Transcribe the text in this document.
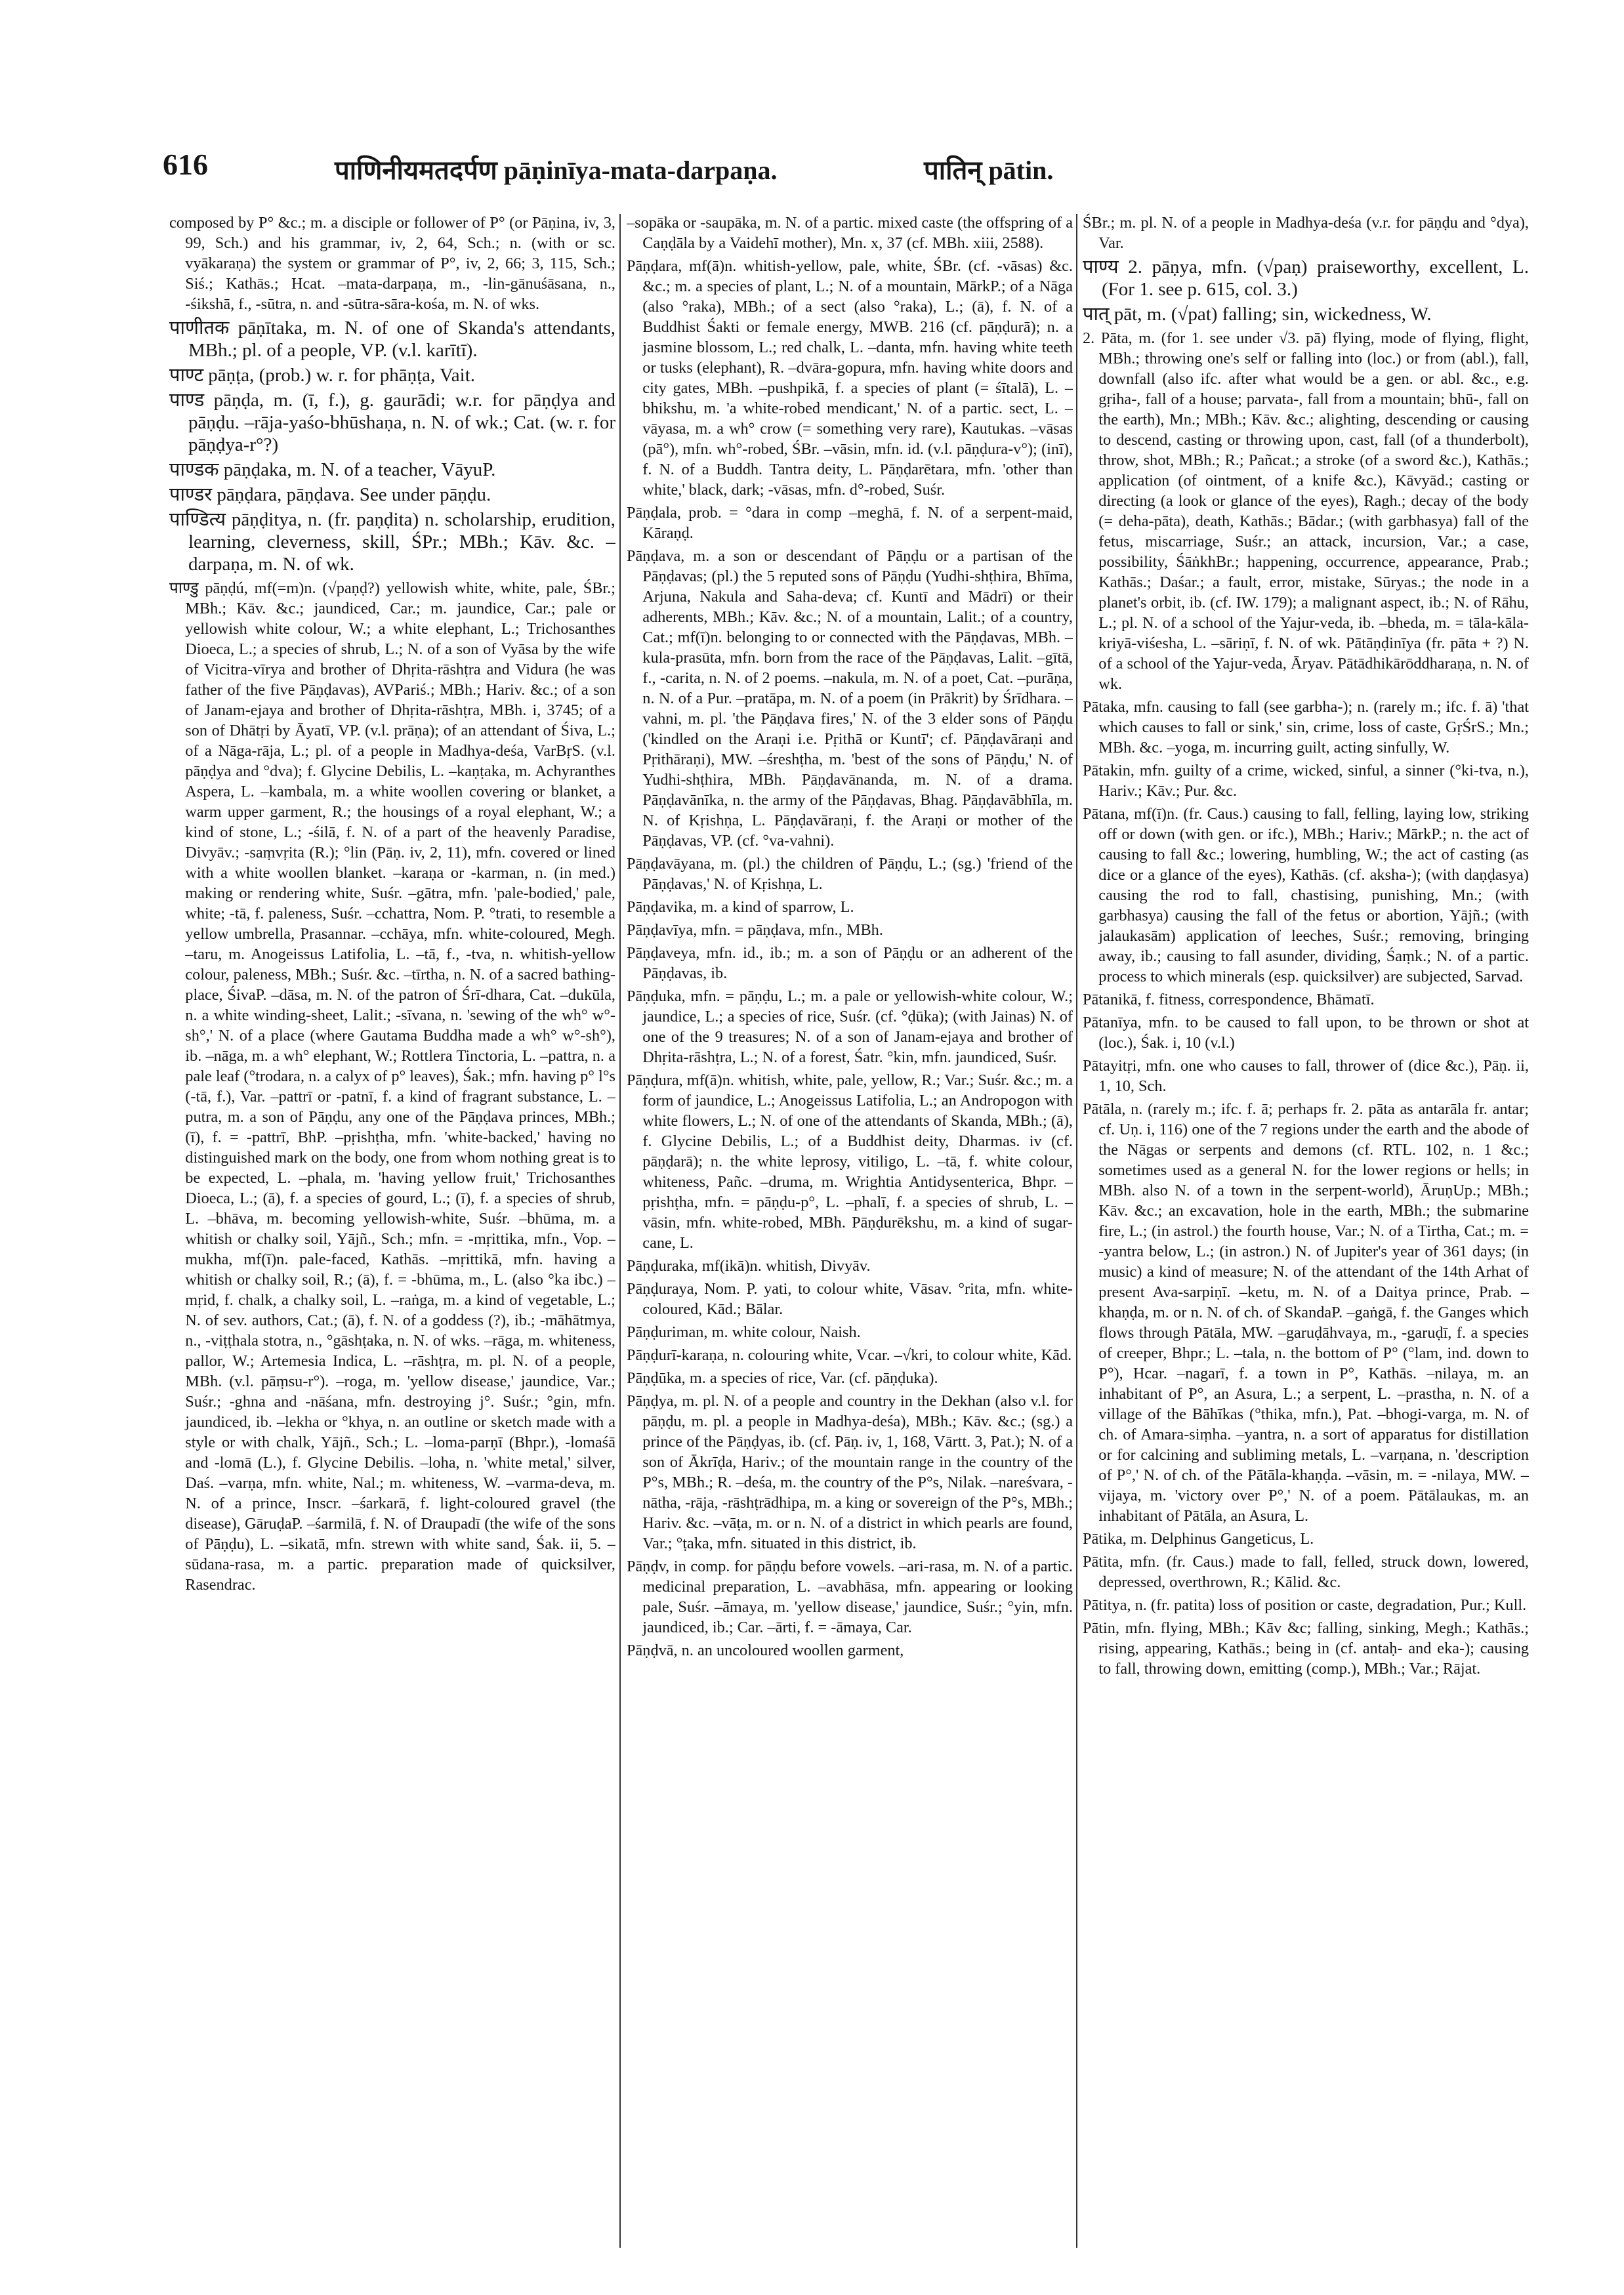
616	पाणिनीयमतदर्पण pāṇinīya-mata-darpaṇa.	पातिन् pātin.

composed by P° &c.; m. a disciple or follower of P° (or Pāṇina, iv, 3, 99, Sch.) and his grammar, iv, 2, 64, Sch.; n. (with or sc. vyākaraṇa) the system or grammar of P°, iv, 2, 66; 3, 115, Sch.; Siś.; Kathās.; Hcat. –mata-darpaṇa, m., -lin-gānuśāsana, n., -śikshā, f., -sūtra, n. and -sūtra-sāra-kośa, m. N. of wks.

पाणीतक pāṇītaka, m. N. of one of Skanda's attendants, MBh.; pl. of a people, VP. (v.l. karītī).

पाण्ट pāṇṭa, (prob.) w. r. for phāṇṭa, Vait.

पाण्ड pāṇḍa, m. (ī, f.), g. gaurādi; w.r. for pāṇḍya and pāṇḍu. –rāja-yaśo-bhūshaṇa, n. N. of wk.; Cat. (w. r. for pāṇḍya-r°?)

पाण्डक pāṇḍaka, m. N. of a teacher, VāyuP.

पाण्डर pāṇḍara, pāṇḍava. See under pāṇḍu.

पाण्डित्य pāṇḍitya, n. (fr. paṇḍita) n. scholarship, erudition, learning, cleverness, skill, ŚPr.; MBh.; Kāv. &c. –darpaṇa, m. N. of wk.

पाण्डु pāṇḍú, mf(=m)n. (√paṇḍ?) yellowish white, white, pale, ŚBr.; MBh.; Kāv. &c.; jaundiced, Car.; m. jaundice, Car.; pale or yellowish white colour, W.; a white elephant, L.; Trichosanthes Dioeca, L.; a species of shrub, L.; N. of a son of Vyāsa by the wife of Vicitra-vīrya and brother of Dhṛita-rāshṭra and Vidura (he was father of the five Pāṇḍavas), AVPariś.; MBh.; Hariv. &c.; of a son of Janam-ejaya and brother of Dhṛita-rāshṭra, MBh. i, 3745; of a son of Dhātṛi by Āyatī, VP. (v.l. prāṇa); of an attendant of Śiva, L.; of a Nāga-rāja, L.; pl. of a people in Madhya-deśa, VarBṛS. (v.l. pāṇḍya and °dva); f. Glycine Debilis, L. –kaṇṭaka, m. Achyranthes Aspera, L. –kambala, m. a white woollen covering or blanket, a warm upper garment, R.; the housings of a royal elephant, W.; a kind of stone, L.; -śilā, f. N. of a part of the heavenly Paradise, Divyāv.; -saṃvṛita (R.); °lin (Pāṇ. iv, 2, 11), mfn. covered or lined with a white woollen blanket. –karaṇa or -karman, n. (in med.) making or rendering white, Suśr. –gātra, mfn. 'pale-bodied,' pale, white; -tā, f. paleness, Suśr. –cchattra, Nom. P. °trati, to resemble a yellow umbrella, Prasannar. –cchāya, mfn. white-coloured, Megh. –taru, m. Anogeissus Latifolia, L. –tā, f., -tva, n. whitish-yellow colour, paleness, MBh.; Suśr. &c. –tīrtha, n. N. of a sacred bathing-place, ŚivaP. –dāsa, m. N. of the patron of Śrī-dhara, Cat. –dukūla, n. a white winding-sheet, Lalit.; -sīvana, n. 'sewing of the wh° w°-sh°,' N. of a place (where Gautama Buddha made a wh° w°-sh°), ib. –nāga, m. a wh° elephant, W.; Rottlera Tinctoria, L. –pattra, n. a pale leaf (°trodara, n. a calyx of p° leaves), Śak.; mfn. having p° l°s (-tā, f.), Var. –pattrī or -patnī, f. a kind of fragrant substance, L. –putra, m. a son of Pāṇḍu, any one of the Pāṇḍava princes, MBh.; (ī), f. = -pattrī, BhP. –pṛishṭha, mfn. 'white-backed,' having no distinguished mark on the body, one from whom nothing great is to be expected, L. –phala, m. 'having yellow fruit,' Trichosanthes Dioeca, L.; (ā), f. a species of gourd, L.; (ī), f. a species of shrub, L. –bhāva, m. becoming yellowish-white, Suśr. –bhūma, m. a whitish or chalky soil, Yājñ., Sch.; mfn. = -mṛittika, mfn., Vop. –mukha, mf(ī)n. pale-faced, Kathās. –mṛittikā, mfn. having a whitish or chalky soil, R.; (ā), f. = -bhūma, m., L. (also °ka ibc.) –mṛid, f. chalk, a chalky soil, L. –raṅga, m. a kind of vegetable, L.; N. of sev. authors, Cat.; (ā), f. N. of a goddess (?), ib.; -māhātmya, n., -viṭṭhala stotra, n., °gāshṭaka, n. N. of wks. –rāga, m. whiteness, pallor, W.; Artemesia Indica, L. –rāshṭra, m. pl. N. of a people, MBh. (v.l. pāṃsu-r°). –roga, m. 'yellow disease,' jaundice, Var.; Suśr.; -ghna and -nāśana, mfn. destroying j°. Suśr.; °gin, mfn. jaundiced, ib. –lekha or °khya, n. an outline or sketch made with a style or with chalk, Yājñ., Sch.; L. –loma-parṇī (Bhpr.), -lomaśā and -lomā (L.), f. Glycine Debilis. –loha, n. 'white metal,' silver, Daś. –varṇa, mfn. white, Nal.; m. whiteness, W. –varma-deva, m. N. of a prince, Inscr. –śarkarā, f. light-coloured gravel (the disease), GāruḍaP. –śarmilā, f. N. of Draupadī (the wife of the sons of Pāṇḍu), L. –sikatā, mfn. strewn with white sand, Śak. ii, 5. –sūdana-rasa, m. a partic. preparation made of quicksilver, Rasendrac.

–sopāka or -saupāka, m. N. of a partic. mixed caste (the offspring of a Caṇḍāla by a Vaidehī mother), Mn. x, 37 (cf. MBh. xiii, 2588).

Pāṇḍara, mf(ā)n. whitish-yellow, pale, white, ŚBr. (cf. -vāsas) &c. &c.; m. a species of plant, L.; N. of a mountain, MārkP.; of a Nāga (also °raka), MBh.; of a sect (also °raka), L.; (ā), f. N. of a Buddhist Śakti or female energy, MWB. 216 (cf. pāṇḍurā); n. a jasmine blossom, L.; red chalk, L. –danta, mfn. having white teeth or tusks (elephant), R. –dvāra-gopura, mfn. having white doors and city gates, MBh. –pushpikā, f. a species of plant (= śītalā), L. –bhikshu, m. 'a white-robed mendicant,' N. of a partic. sect, L. –vāyasa, m. a wh° crow (= something very rare), Kautukas. –vāsas (pā°), mfn. wh°-robed, ŚBr. –vāsin, mfn. id. (v.l. pāṇḍura-v°); (inī), f. N. of a Buddh. Tantra deity, L. Pāṇḍarētara, mfn. 'other than white,' black, dark; -vāsas, mfn. d°-robed, Suśr.

Pāṇḍala, prob. = °dara in comp –meghā, f. N. of a serpent-maid, Kāraṇḍ.

Pāṇḍava, m. a son or descendant of Pāṇḍu or a partisan of the Pāṇḍavas; (pl.) the 5 reputed sons of Pāṇḍu (Yudhi-shṭhira, Bhīma, Arjuna, Nakula and Saha-deva; cf. Kuntī and Mādrī) or their adherents, MBh.; Kāv. &c.; N. of a mountain, Lalit.; of a country, Cat.; mf(ī)n. belonging to or connected with the Pāṇḍavas, MBh. –kula-prasūta, mfn. born from the race of the Pāṇḍavas, Lalit. –gītā, f., -carita, n. N. of 2 poems. –nakula, m. N. of a poet, Cat. –purāṇa, n. N. of a Pur. –pratāpa, m. N. of a poem (in Prākrit) by Śrīdhara. –vahni, m. pl. 'the Pāṇḍava fires,' N. of the 3 elder sons of Pāṇḍu ('kindled on the Araṇi i.e. Pṛithā or Kuntī'; cf. Pāṇḍavāraṇi and Pṛithāraṇi), MW. –śreshṭha, m. 'best of the sons of Pāṇḍu,' N. of Yudhi-shṭhira, MBh. Pāṇḍavānanda, m. N. of a drama. Pāṇḍavānīka, n. the army of the Pāṇḍavas, Bhag. Pāṇḍavābhīla, m. N. of Kṛishṇa, L. Pāṇḍavāraṇi, f. the Araṇi or mother of the Pāṇḍavas, VP. (cf. °va-vahni).

Pāṇḍavāyana, m. (pl.) the children of Pāṇḍu, L.; (sg.) 'friend of the Pāṇḍavas,' N. of Kṛishṇa, L.

Pāṇḍavika, m. a kind of sparrow, L.

Pāṇḍavīya, mfn. = pāṇḍava, mfn., MBh.

Pāṇḍaveya, mfn. id., ib.; m. a son of Pāṇḍu or an adherent of the Pāṇḍavas, ib.

Pāṇḍuka, mfn. = pāṇḍu, L.; m. a pale or yellowish-white colour, W.; jaundice, L.; a species of rice, Suśr. (cf. °ḍūka); (with Jainas) N. of one of the 9 treasures; N. of a son of Janam-ejaya and brother of Dhṛita-rāshṭra, L.; N. of a forest, Śatr. °kin, mfn. jaundiced, Suśr.

Pāṇḍura, mf(ā)n. whitish, white, pale, yellow, R.; Var.; Suśr. &c.; m. a form of jaundice, L.; Anogeissus Latifolia, L.; an Andropogon with white flowers, L.; N. of one of the attendants of Skanda, MBh.; (ā), f. Glycine Debilis, L.; of a Buddhist deity, Dharmas. iv (cf. pāṇḍarā); n. the white leprosy, vitiligo, L. –tā, f. white colour, whiteness, Pañc. –druma, m. Wrightia Antidysenterica, Bhpr. –pṛishṭha, mfn. = pāṇḍu-p°, L. –phalī, f. a species of shrub, L. –vāsin, mfn. white-robed, MBh. Pāṇḍurēkshu, m. a kind of sugar-cane, L.

Pāṇḍuraka, mf(ikā)n. whitish, Divyāv.

Pāṇḍuraya, Nom. P. yati, to colour white, Vāsav. °rita, mfn. white-coloured, Kād.; Bālar.

Pāṇḍuriman, m. white colour, Naish.

Pāṇḍurī-karaṇa, n. colouring white, Vcar. –√kri, to colour white, Kād.

Pāṇḍūka, m. a species of rice, Var. (cf. pāṇḍuka).

Pāṇḍya, m. pl. N. of a people and country in the Dekhan (also v.l. for pāṇḍu, m. pl. a people in Madhya-deśa), MBh.; Kāv. &c.; (sg.) a prince of the Pāṇḍyas, ib. (cf. Pāṇ. iv, 1, 168, Vārtt. 3, Pat.); N. of a son of Ākrīḍa, Hariv.; of the mountain range in the country of the P°s, MBh.; R. –deśa, m. the country of the P°s, Nilak. –nareśvara, -nātha, -rāja, -rāshṭrādhipa, m. a king or sovereign of the P°s, MBh.; Hariv. &c. –vāṭa, m. or n. N. of a district in which pearls are found, Var.; °ṭaka, mfn. situated in this district, ib.

Pāṇḍv, in comp. for pāṇḍu before vowels. –ari-rasa, m. N. of a partic. medicinal preparation, L. –avabhāsa, mfn. appearing or looking pale, Suśr. –āmaya, m. 'yellow disease,' jaundice, Suśr.; °yin, mfn. jaundiced, ib.; Car. –ārti, f. = -āmaya, Car.

Pāṇḍvā, n. an uncoloured woollen garment,

ŚBr.; m. pl. N. of a people in Madhya-deśa (v.r. for pāṇḍu and °dya), Var.

पाण्य 2. pāṇya, mfn. (√paṇ) praiseworthy, excellent, L. (For 1. see p. 615, col. 3.)

पात् pāt, m. (√pat) falling; sin, wickedness, W.

2. Pāta, m. (for 1. see under √3. pā) flying, mode of flying, flight, MBh.; throwing one's self or falling into (loc.) or from (abl.), fall, downfall (also ifc. after what would be a gen. or abl. &c., e.g. gṛiha-, fall of a house; parvata-, fall from a mountain; bhū-, fall on the earth), Mn.; MBh.; Kāv. &c.; alighting, descending or causing to descend, casting or throwing upon, cast, fall (of a thunderbolt), throw, shot, MBh.; R.; Pañcat.; a stroke (of a sword &c.), Kathās.; application (of ointment, of a knife &c.), Kāvyād.; casting or directing (a look or glance of the eyes), Ragh.; decay of the body (= deha-pāta), death, Kathās.; Bādar.; (with garbhasya) fall of the fetus, miscarriage, Suśr.; an attack, incursion, Var.; a case, possibility, ŚāṅkhBr.; happening, occurrence, appearance, Prab.; Kathās.; Daśar.; a fault, error, mistake, Sūryas.; the node in a planet's orbit, ib. (cf. IW. 179); a malignant aspect, ib.; N. of Rāhu, L.; pl. N. of a school of the Yajur-veda, ib. –bheda, m. = tāla-kāla-kriyā-viśesha, L. –sāriṇī, f. N. of wk. Pātāṇḍinīya (fr. pāta + ?) N. of a school of the Yajur-veda, Āryav. Pātādhikārōddharaṇa, n. N. of wk.

Pātaka, mfn. causing to fall (see garbha-); n. (rarely m.; ifc. f. ā) 'that which causes to fall or sink,' sin, crime, loss of caste, GṛŚrS.; Mn.; MBh. &c. –yoga, m. incurring guilt, acting sinfully, W.

Pātakin, mfn. guilty of a crime, wicked, sinful, a sinner (°ki-tva, n.), Hariv.; Kāv.; Pur. &c.

Pātana, mf(ī)n. (fr. Caus.) causing to fall, felling, laying low, striking off or down (with gen. or ifc.), MBh.; Hariv.; MārkP.; n. the act of causing to fall &c.; lowering, humbling, W.; the act of casting (as dice or a glance of the eyes), Kathās. (cf. aksha-); (with daṇḍasya) causing the rod to fall, chastising, punishing, Mn.; (with garbhasya) causing the fall of the fetus or abortion, Yājñ.; (with jalaukasām) application of leeches, Suśr.; removing, bringing away, ib.; causing to fall asunder, dividing, Śaṃk.; N. of a partic. process to which minerals (esp. quicksilver) are subjected, Sarvad.

Pātanikā, f. fitness, correspondence, Bhāmatī.

Pātanīya, mfn. to be caused to fall upon, to be thrown or shot at (loc.), Śak. i, 10 (v.l.)

Pātayitṛi, mfn. one who causes to fall, thrower of (dice &c.), Pāṇ. ii, 1, 10, Sch.

Pātāla, n. (rarely m.; ifc. f. ā; perhaps fr. 2. pāta as antarāla fr. antar; cf. Uṇ. i, 116) one of the 7 regions under the earth and the abode of the Nāgas or serpents and demons (cf. RTL. 102, n. 1 &c.; sometimes used as a general N. for the lower regions or hells; in MBh. also N. of a town in the serpent-world), ĀruṇUp.; MBh.; Kāv. &c.; an excavation, hole in the earth, MBh.; the submarine fire, L.; (in astrol.) the fourth house, Var.; N. of a Tirtha, Cat.; m. = -yantra below, L.; (in astron.) N. of Jupiter's year of 361 days; (in music) a kind of measure; N. of the attendant of the 14th Arhat of present Ava-sarpiṇī. –ketu, m. N. of a Daitya prince, Prab. –khaṇḍa, m. or n. N. of ch. of SkandaP. –gaṅgā, f. the Ganges which flows through Pātāla, MW. –garuḍāhvaya, m., -garuḍī, f. a species of creeper, Bhpr.; L. –tala, n. the bottom of P° (°lam, ind. down to P°), Hcar. –nagarī, f. a town in P°, Kathās. –nilaya, m. an inhabitant of P°, an Asura, L.; a serpent, L. –prastha, n. N. of a village of the Bāhīkas (°thika, mfn.), Pat. –bhogi-varga, m. N. of ch. of Amara-siṃha. –yantra, n. a sort of apparatus for distillation or for calcining and subliming metals, L. –varṇana, n. 'description of P°,' N. of ch. of the Pātāla-khaṇḍa. –vāsin, m. = -nilaya, MW. –vijaya, m. 'victory over P°,' N. of a poem. Pātālaukas, m. an inhabitant of Pātāla, an Asura, L.

Pātika, m. Delphinus Gangeticus, L.

Pātita, mfn. (fr. Caus.) made to fall, felled, struck down, lowered, depressed, overthrown, R.; Kālid. &c.

Pātitya, n. (fr. patita) loss of position or caste, degradation, Pur.; Kull.

Pātin, mfn. flying, MBh.; Kāv &c; falling, sinking, Megh.; Kathās.; rising, appearing, Kathās.; being in (cf. antaḥ- and eka-); causing to fall, throwing down, emitting (comp.), MBh.; Var.; Rājat.
